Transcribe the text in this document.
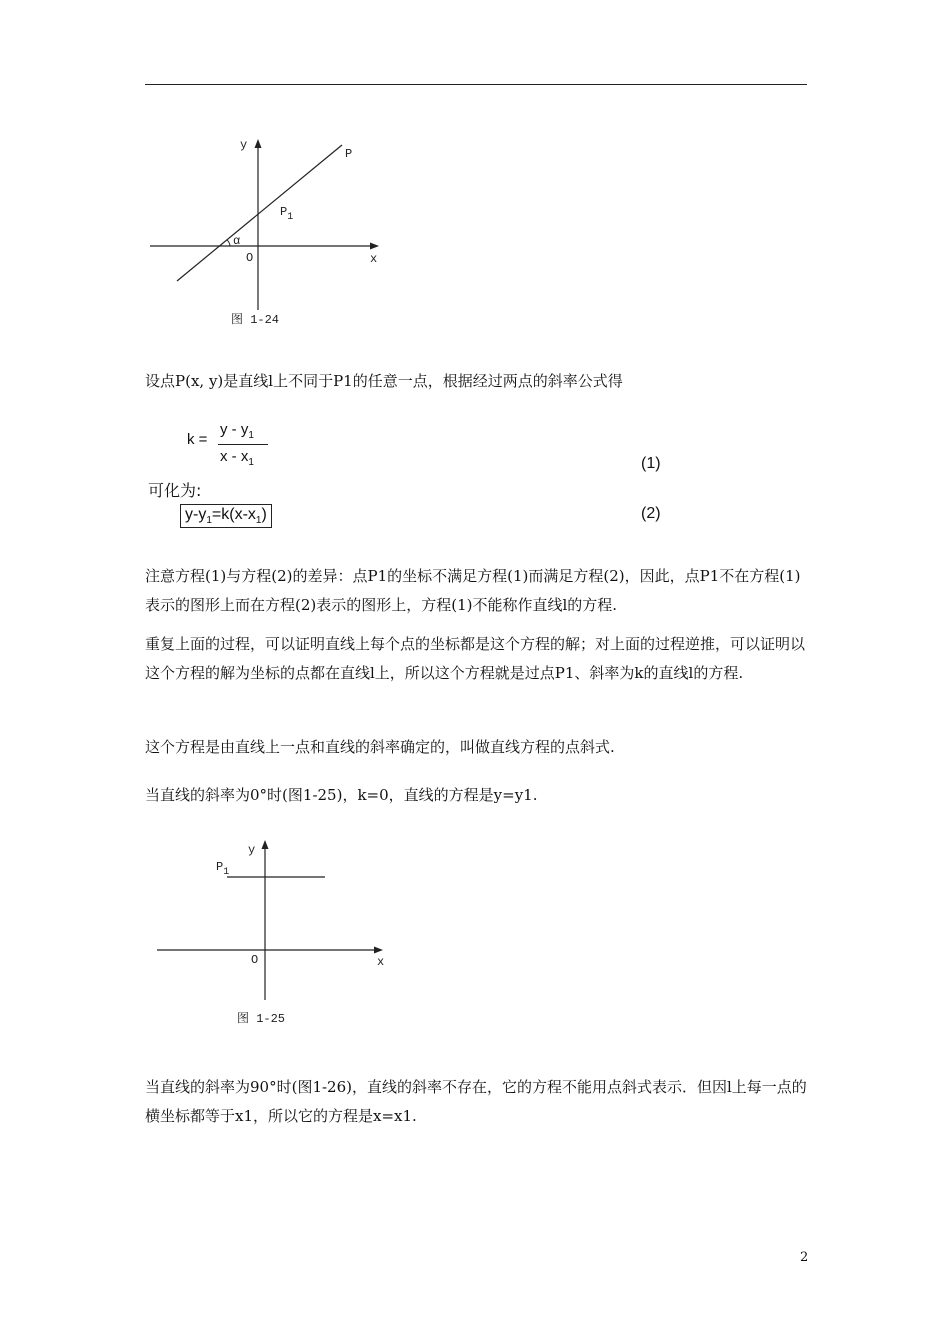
y
P
$P_1$
α
O	x
图 1-24

设点P(x, y)是直线l上不同于P1的任意一点，根据经过两点的斜率公式得

k =
y - $y_1$
x - $x_1$	(1)
可化为:
$y-y_1=k(x-x_1)$	(2)

注意方程(1)与方程(2)的差异：点P1的坐标不满足方程(1)而满足方程(2)，因此，点P1不在方程(1)表示的图形上而在方程(2)表示的图形上，方程(1)不能称作直线l的方程.

重复上面的过程，可以证明直线上每个点的坐标都是这个方程的解；对上面的过程逆推，可以证明以这个方程的解为坐标的点都在直线l上，所以这个方程就是过点P1、斜率为k的直线l的方程.

这个方程是由直线上一点和直线的斜率确定的，叫做直线方程的点斜式.

当直线的斜率为0°时(图1-25)，k=0，直线的方程是y=y1.

y
$P_1$
O	x
图 1-25

当直线的斜率为90°时(图1-26)，直线的斜率不存在，它的方程不能用点斜式表示．但因l上每一点的横坐标都等于x1，所以它的方程是x=x1.

2
